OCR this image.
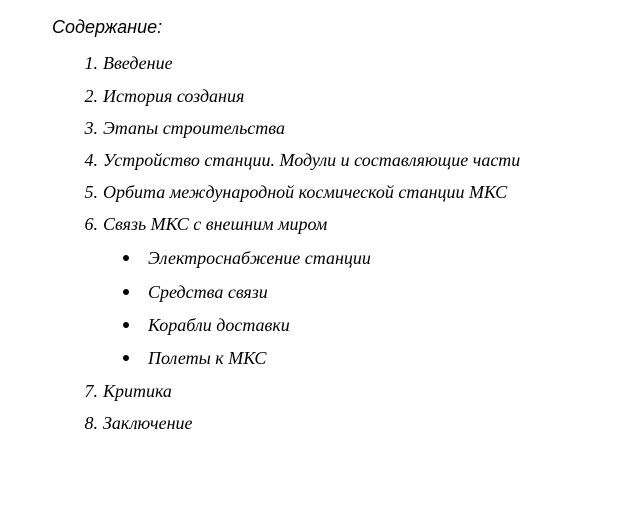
Содержание:
1. Введение
2. История создания
3. Этапы строительства
4. Устройство станции. Модули и составляющие части
5. Орбита международной космической станции МКС
6. Связь МКС с внешним миром
Электроснабжение станции
Средства связи
Корабли доставки
Полеты к МКС
7. Критика
8. Заключение
